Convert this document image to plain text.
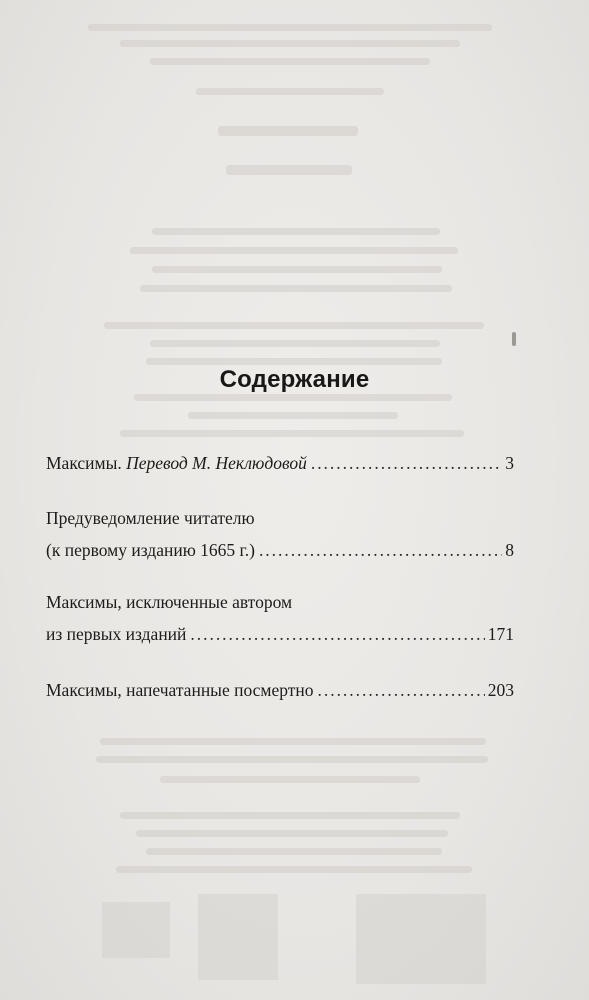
Содержание
Максимы. Перевод М. Неклюдовой . . .	3
Предуведомление читателю
(к первому изданию 1665 г.) . . .	8
Максимы, исключенные автором
из первых изданий . . .	171
Максимы, напечатанные посмертно . . .	203
